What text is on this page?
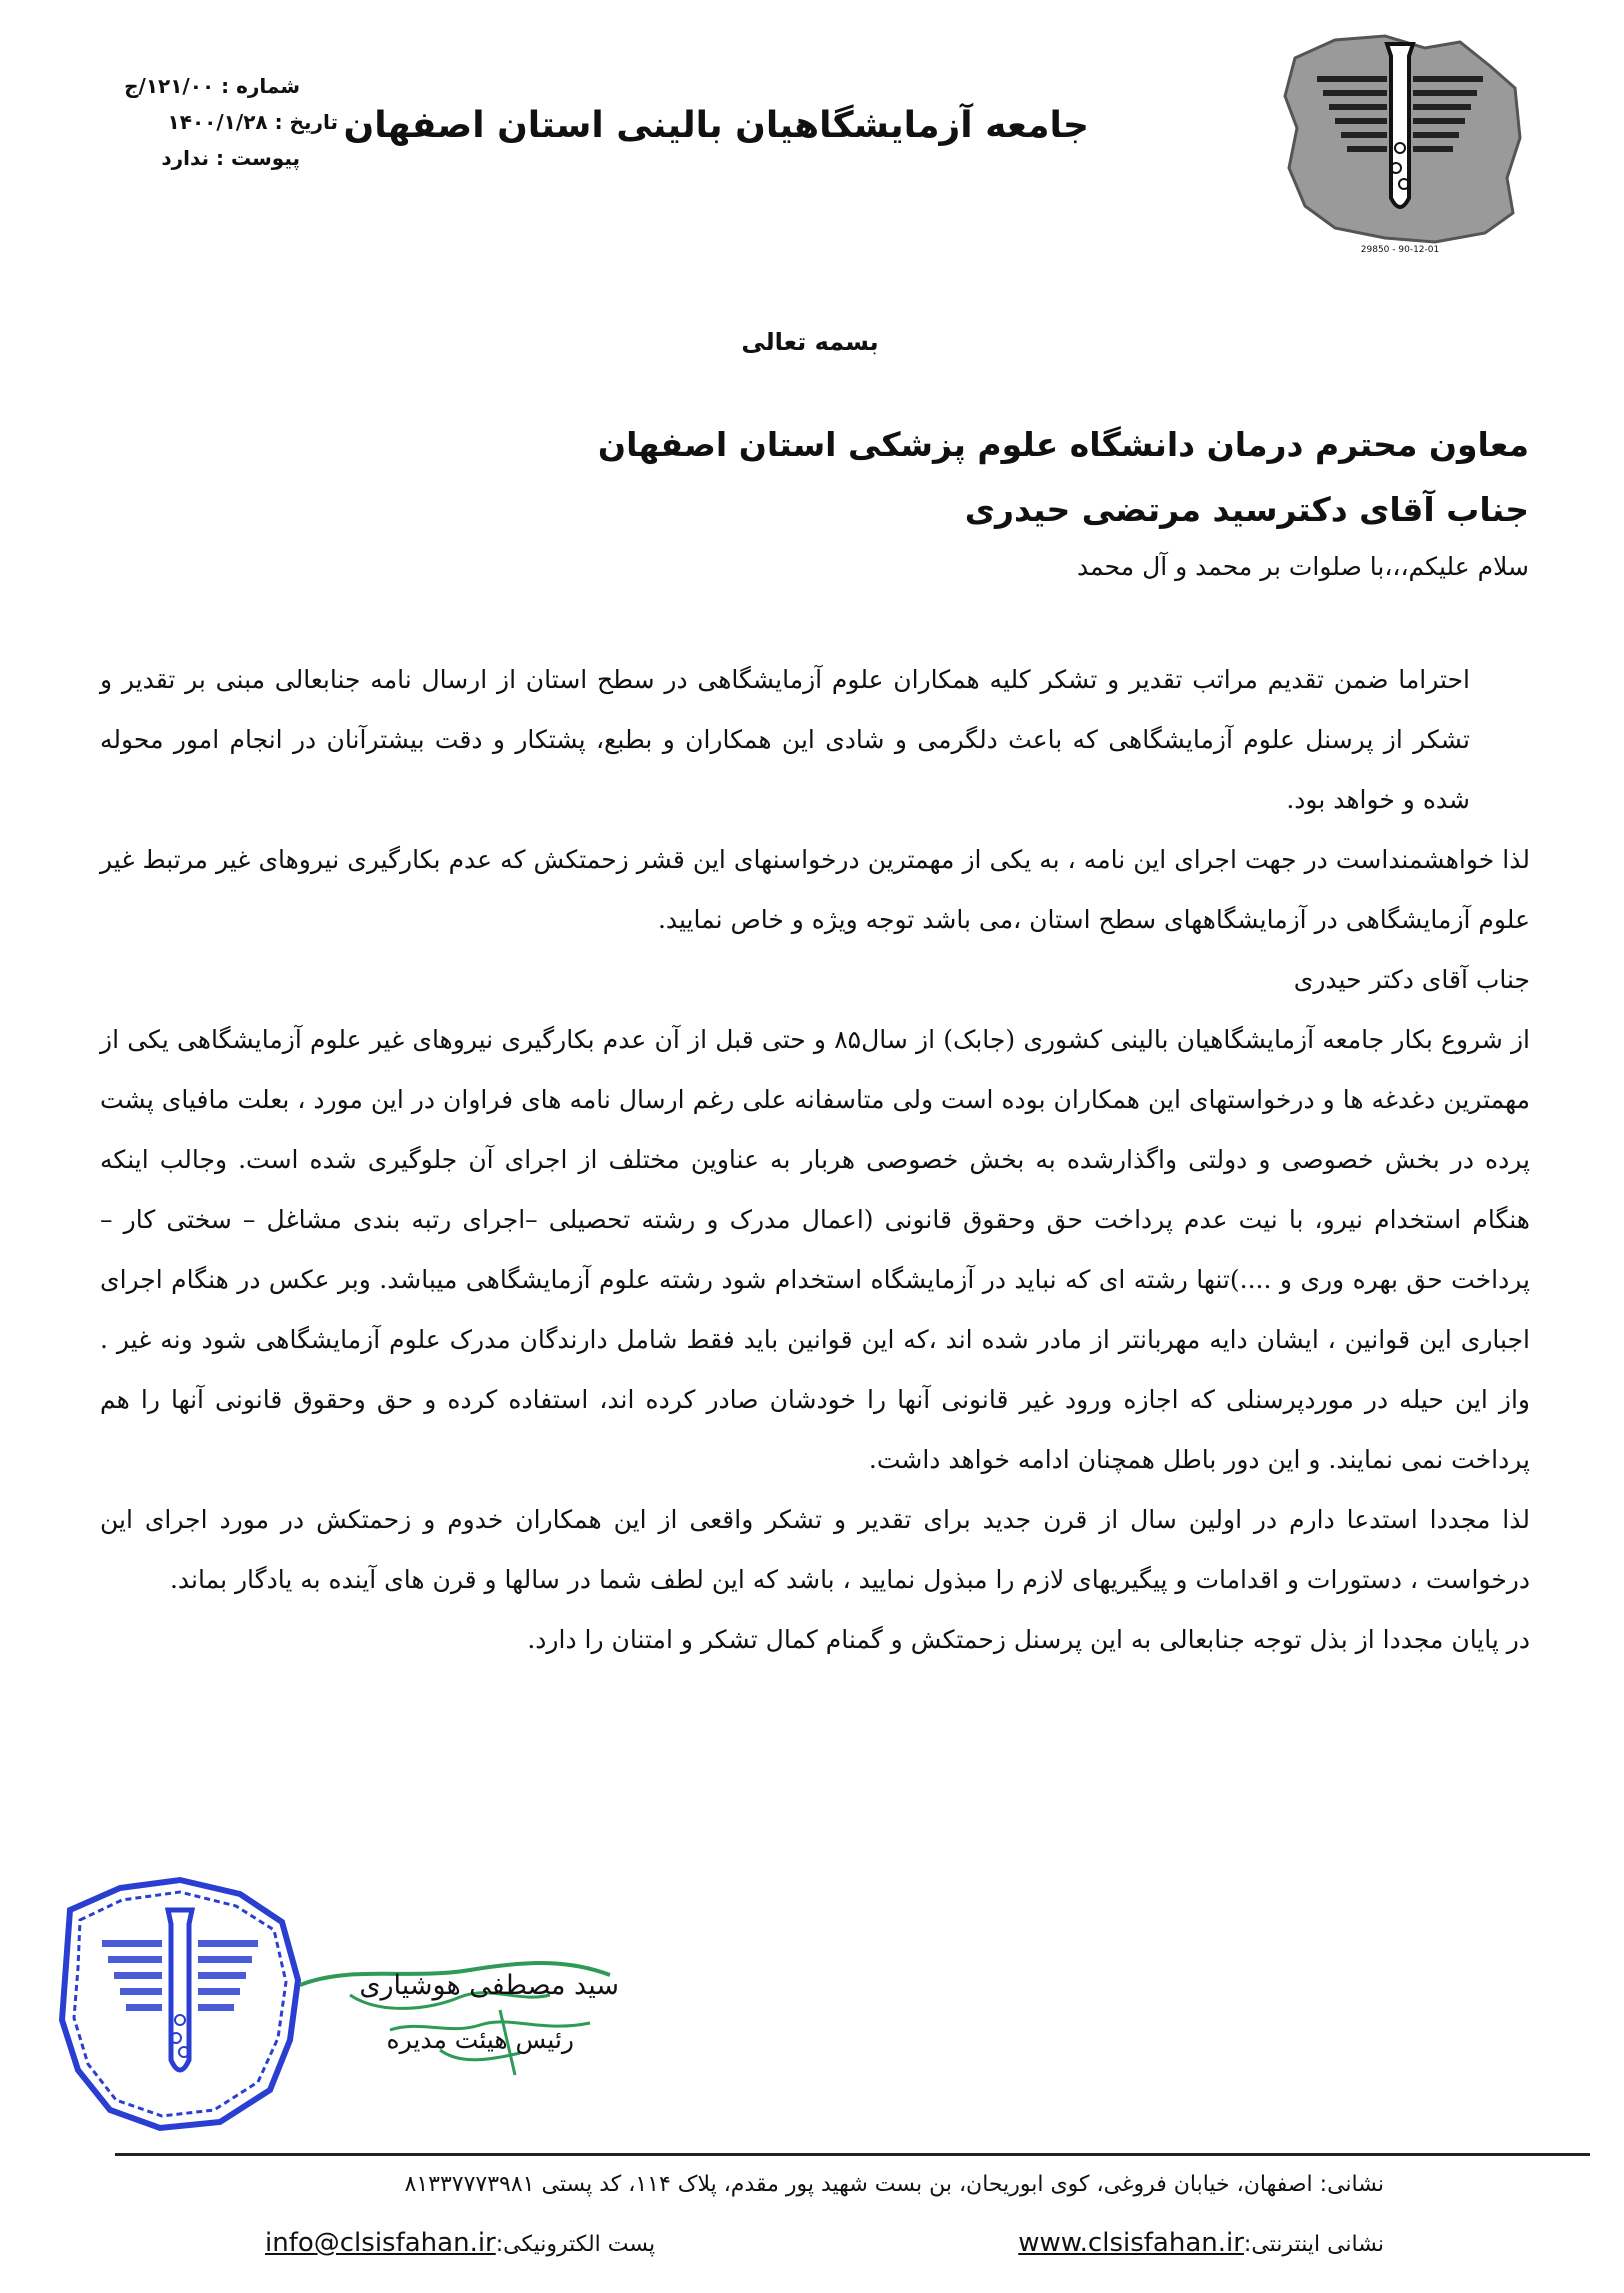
29850 - 90-12-01
جامعه آزمایشگاهیان بالینی استان اصفهان
شماره : ۱۲۱/۰۰/ج
تاریخ : ۱۴۰۰/۱/۲۸
پیوست : ندارد
بسمه تعالی
معاون محترم درمان دانشگاه علوم پزشکی استان اصفهان
جناب آقای دکترسید مرتضی حیدری
سلام علیکم،،،با صلوات بر محمد و آل محمد

احتراما ضمن تقدیم مراتب تقدیر و تشکر کلیه همکاران علوم آزمایشگاهی در سطح استان از ارسال نامه جنابعالی مبنی بر تقدیر و تشکر از پرسنل علوم آزمایشگاهی که باعث دلگرمی و شادی این همکاران و بطبع، پشتکار و دقت بیشترآنان در انجام امور محوله شده و خواهد بود.

لذا خواهشمنداست در جهت اجرای این نامه ، به یکی از مهمترین درخواسنهای این قشر زحمتکش که عدم بکارگیری نیروهای غیر مرتبط غیر علوم آزمایشگاهی در آزمایشگاههای سطح استان ،می باشد توجه ویژه و خاص نمایید.

جناب آقای دکتر حیدری

از شروع بکار جامعه آزمایشگاهیان بالینی کشوری (جابک) از سال۸۵ و حتی قبل از آن عدم بکارگیری نیروهای غیر علوم آزمایشگاهی یکی از مهمترین دغدغه ها و درخواستهای این همکاران بوده است ولی متاسفانه علی رغم ارسال نامه های فراوان در این مورد ، بعلت مافیای پشت پرده در بخش خصوصی و دولتی واگذارشده به بخش خصوصی هربار به عناوین مختلف از اجرای آن جلوگیری شده است. وجالب اینکه هنگام استخدام نیرو، با نیت عدم پرداخت حق وحقوق قانونی (اعمال مدرک و رشته تحصیلی –اجرای رتبه بندی مشاغل – سختی کار –پرداخت حق بهره وری و ....)تنها رشته ای که نباید در آزمایشگاه استخدام شود رشته علوم آزمایشگاهی میباشد. وبر عکس در هنگام اجرای اجباری این قوانین ، ایشان دایه مهربانتر از مادر شده اند ،که این قوانین باید فقط شامل دارندگان مدرک علوم آزمایشگاهی شود ونه غیر . واز این حیله در موردپرسنلی که اجازه ورود غیر قانونی آنها را خودشان صادر کرده اند، استفاده کرده و حق وحقوق قانونی آنها را هم پرداخت نمی نمایند. و این دور باطل همچنان ادامه خواهد داشت.

لذا مجددا استدعا دارم در اولین سال از قرن جدید برای تقدیر و تشکر واقعی از این همکاران خدوم و زحمتکش در مورد اجرای این درخواست ، دستورات و اقدامات و پیگیریهای لازم را مبذول نمایید ، باشد که این لطف شما در سالها و قرن های آینده به یادگار بماند.

در پایان مجددا از بذل توجه جنابعالی به این پرسنل زحمتکش و گمنام کمال تشکر و امتنان را دارد.

سید مصطفی هوشیاری
رئیس هیئت مدیره
نشانی: اصفهان، خیابان فروغی، کوی ابوریحان، بن بست شهید پور مقدم، پلاک ۱۱۴، کد پستی ۸۱۳۳۷۷۷۳۹۸۱
نشانی اینترنتی:www.clsisfahan.ir
پست الکترونیکی:info@clsisfahan.ir
